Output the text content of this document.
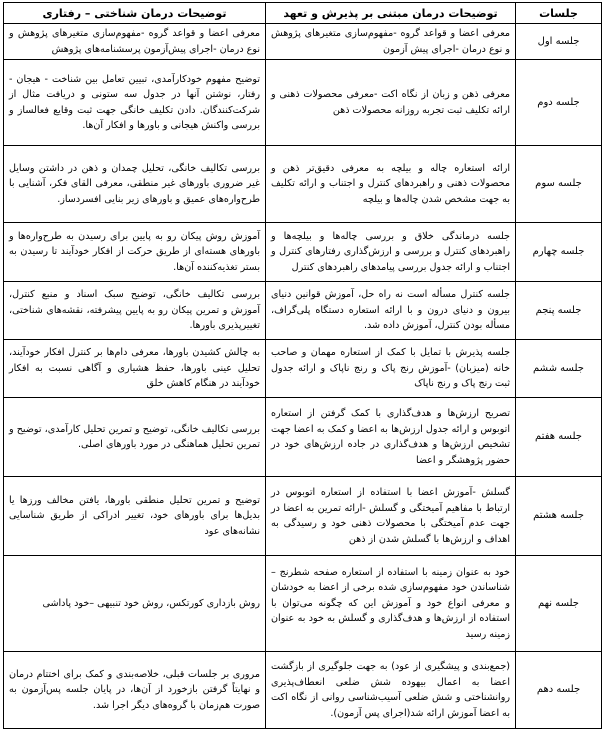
جلسات	توضیحات درمان مبتنی بر پذیرش و تعهد	توضیحات درمان شناختی – رفتاری
جلسه اول	معرفی اعضا و قواعد گروه -مفهوم‌سازی متغیرهای پژوهش و نوع درمان -اجرای پیش آزمون	معرفی اعضا و قواعد گروه -مفهوم‌سازی متغیرهای پژوهش و نوع درمان -اجرای پیش‌آزمون پرسشنامه‌های پژوهش
جلسه دوم	معرفی ذهن و زبان از نگاه اکت -معرفی محصولات ذهنی و ارائه تکلیف ثبت تجربه روزانه محصولات ذهن	توضیح مفهوم خودکارآمدی، تبیین تعامل بین شناخت - هیجان - رفتار، نوشتن آنها در جدول سه ستونی و دریافت مثال از شرکت‌کنندگان. دادن تکلیف خانگی جهت ثبت وقایع فعالساز و بررسی واکنش هیجانی و باورها و افکار آن‌ها.
جلسه سوم	ارائه استعاره چاله و بیلچه به معرفی دقیق‌تر ذهن و محصولات ذهنی و راهبردهای کنترل و اجتناب و ارائه تکلیف به جهت مشخص شدن چاله‌ها و بیلچه	بررسی تکالیف خانگی، تحلیل چمدان و ذهن در داشتن وسایل غیر ضروری باورهای غیر منطقی، معرفی القای فکر، آشنایی با طرح‌واره‌های عمیق و باورهای زیر بنایی افسردساز.
جلسه چهارم	جلسه درماندگی خلاق و بررسی چاله‌ها و بیلچه‌ها و راهبردهای کنترل و بررسی و ارزش‌گذاری رفتارهای کنترل و اجتناب و ارائه جدول بررسی پیامدهای راهبردهای کنترل	آموزش روش پیکان رو به پایین برای رسیدن به طرح‌واره‌ها و باورهای هسته‌ای از طریق حرکت از افکار خودآیند تا رسیدن به بستر تغذیه‌کننده آن‌ها.
جلسه پنجم	جلسه کنترل مسأله است نه راه حل، آموزش قوانین دنیای بیرون و دنیای درون و با ارائه استعاره دستگاه پلی‌گراف، مسأله بودن کنترل، آموزش داده شد.	بررسی تکالیف خانگی، توضیح سبک اسناد و منبع کنترل، آموزش و تمرین پیکان رو به پایین پیشرفته، نقشه‌های شناختی، تغییرپذیری باورها.
جلسه ششم	جلسه پذیرش با تمایل با کمک از استعاره مهمان و صاحب خانه (میزبان) -آموزش رنج پاک و رنج ناپاک و ارائه جدول ثبت رنج پاک و رنج ناپاک	به چالش کشیدن باورها، معرفی دام‌ها بر کنترل افکار خودآیند، تحلیل عینی باورها، حفظ هشیاری و آگاهی نسبت به افکار خودآیند در هنگام کاهش خلق
جلسه هفتم	تصریح ارزش‌ها و هدف‌گذاری با کمک گرفتن از استعاره اتوبوس و ارائه جدول ارزش‌ها به اعضا و کمک به اعضا جهت تشخیص ارزش‌ها و هدف‌گذاری در جاده ارزش‌های خود در حضور پژوهشگر و اعضا	بررسی تکالیف خانگی، توضیح و تمرین تحلیل کارآمدی، توضیح و تمرین تحلیل هماهنگی در مورد باورهای اصلی.
جلسه هشتم	گسلش -آموزش اعضا با استفاده از استعاره اتوبوس در ارتباط با مفاهیم آمیختگی و گسلش -ارائه تمرین به اعضا در جهت عدم آمیختگی با محصولات ذهنی خود و رسیدگی به اهداف و ارزش‌ها با گسلش شدن از ذهن	توضیح و تمرین تحلیل منطقی باورها، یافتن مخالف ورزها یا بدیل‌ها برای باورهای خود، تغییر ادراکی از طریق شناسایی نشانه‌های عود
جلسه نهم	خود به عنوان زمینه با استفاده از استعاره صفحه شطرنج – شناساندن خود مفهوم‌سازی شده برخی از اعضا به خودشان و معرفی انواع خود و آموزش این که چگونه می‌توان با استفاده از ارزش‌ها و هدف‌گذاری و گسلش به خود به عنوان زمینه رسید	روش بازداری کورتکس، روش خود تنبیهی –خود پاداشی
جلسه دهم	(جمع‌بندی و پیشگیری از عود) به جهت جلوگیری از بازگشت اعضا به اعمال بیهوده شش ضلعی انعطاف‌پذیری روانشناختی و شش ضلعی آسیب‌شناسی روانی از نگاه اکت به اعضا آموزش ارائه شد(اجرای پس آزمون).	مروری بر جلسات قبلی، خلاصه‌بندی و کمک برای اختتام درمان و نهایتاً گرفتن بازخورد از آن‌ها، در پایان جلسه پس‌آزمون به صورت هم‌زمان با گروه‌های دیگر اجرا شد.
